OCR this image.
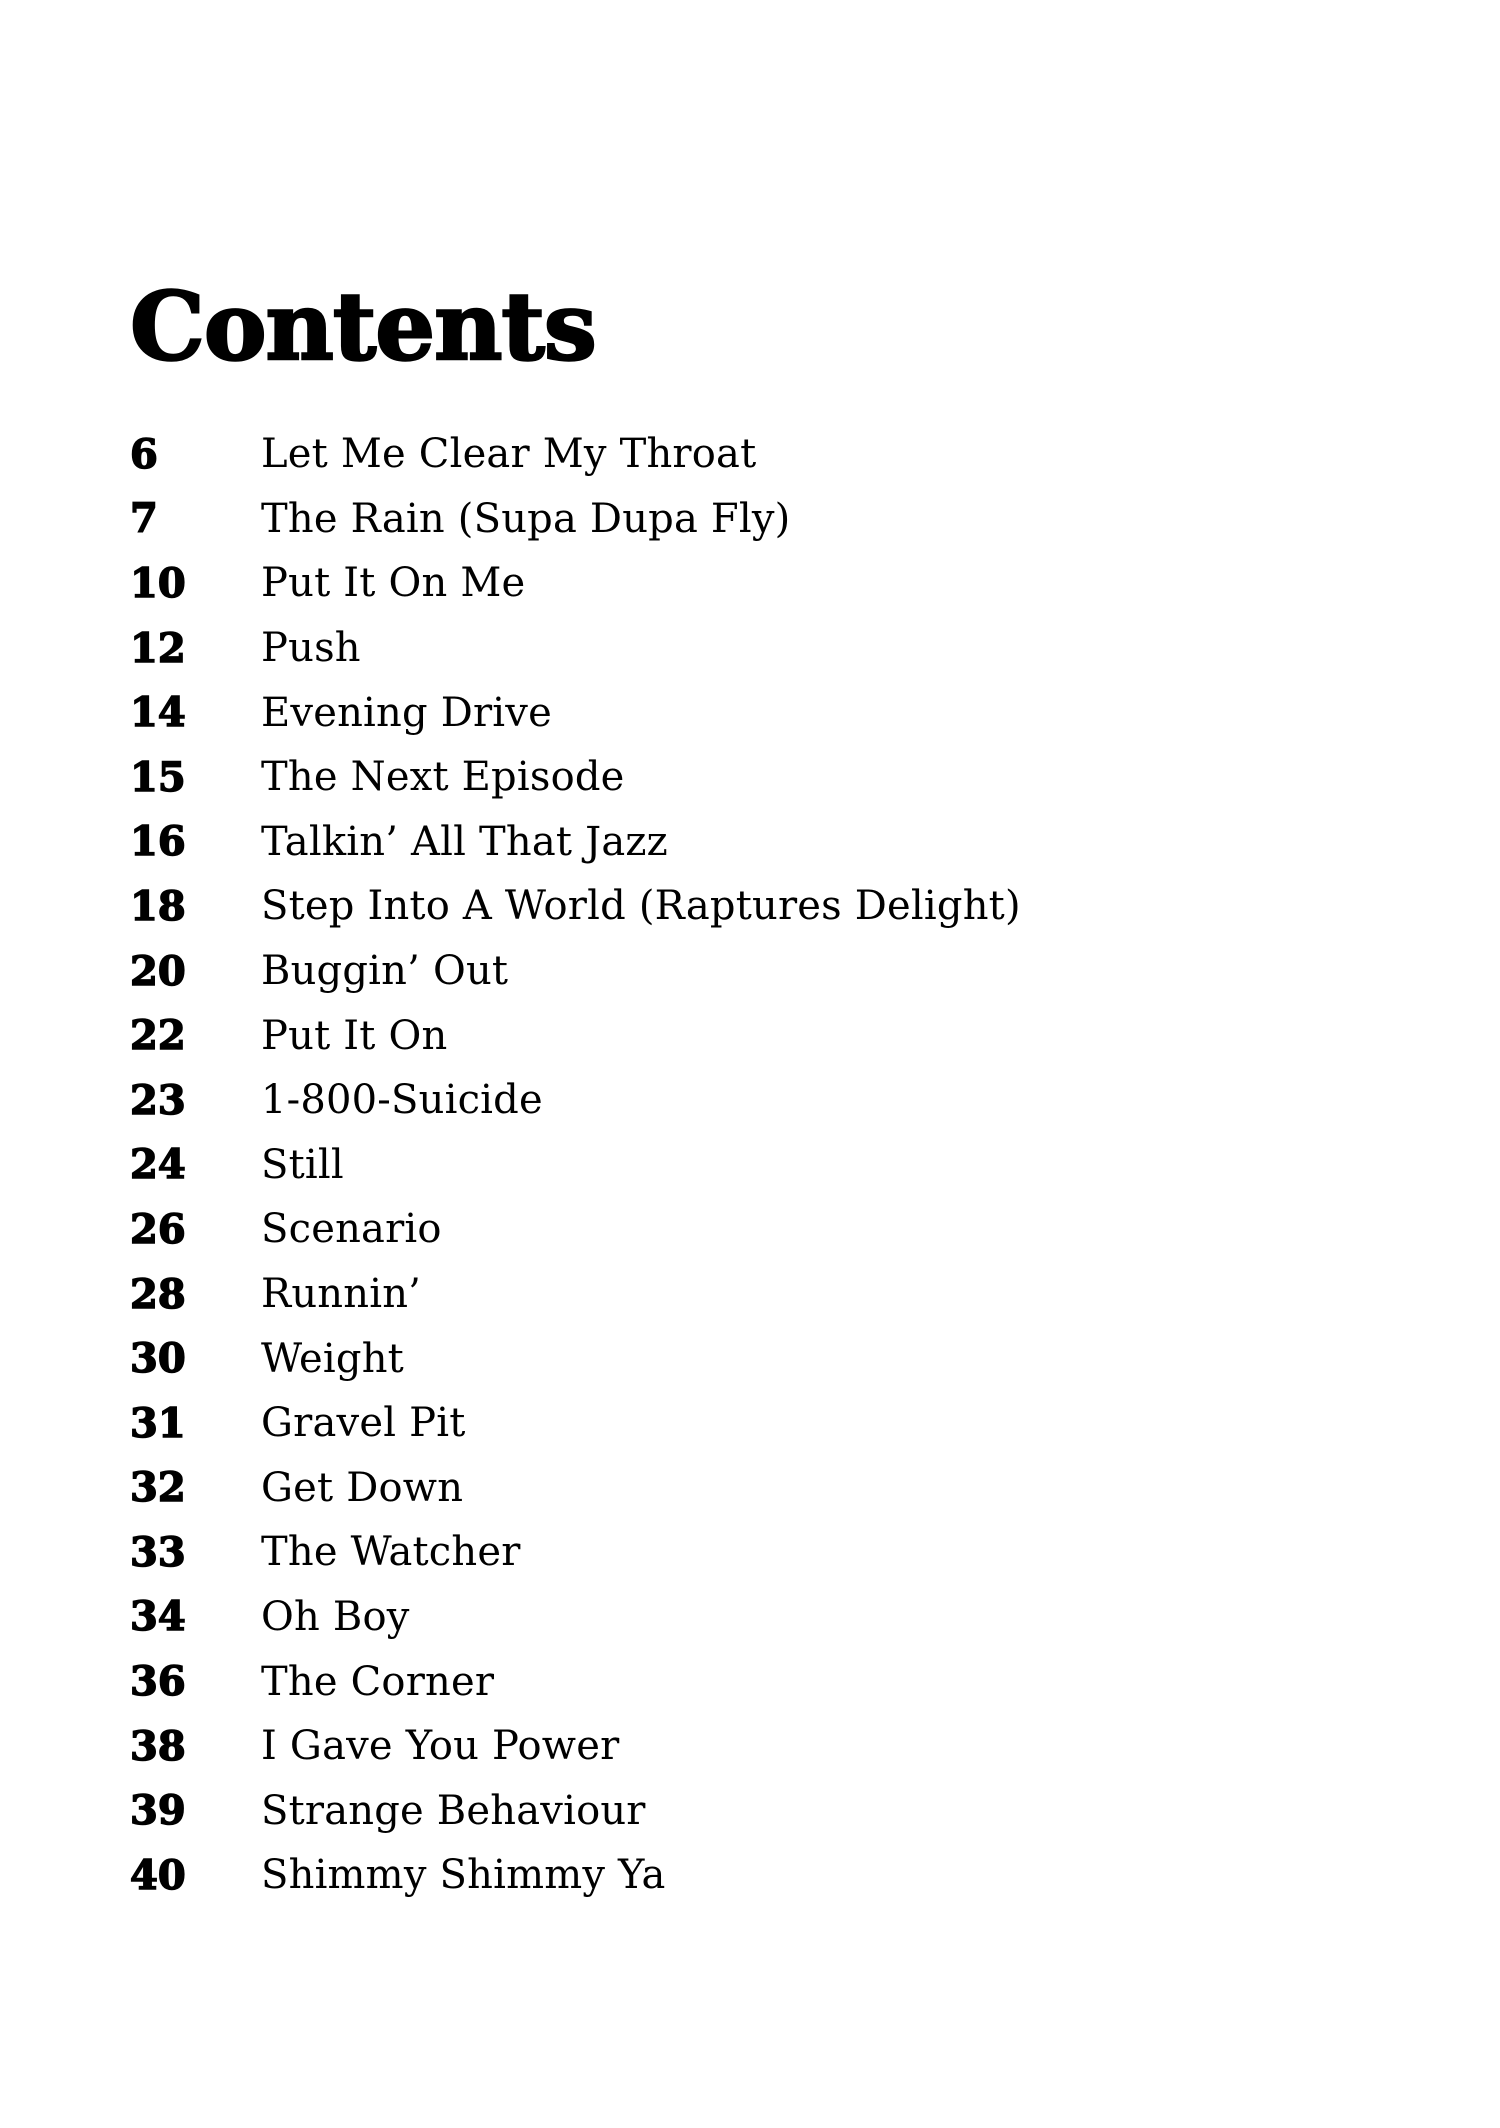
Contents
6	Let Me Clear My Throat
7	The Rain (Supa Dupa Fly)
10	Put It On Me
12	Push
14	Evening Drive
15	The Next Episode
16	Talkin’ All That Jazz
18	Step Into A World (Raptures Delight)
20	Buggin’ Out
22	Put It On
23	1-800-Suicide
24	Still
26	Scenario
28	Runnin’
30	Weight
31	Gravel Pit
32	Get Down
33	The Watcher
34	Oh Boy
36	The Corner
38	I Gave You Power
39	Strange Behaviour
40	Shimmy Shimmy Ya
